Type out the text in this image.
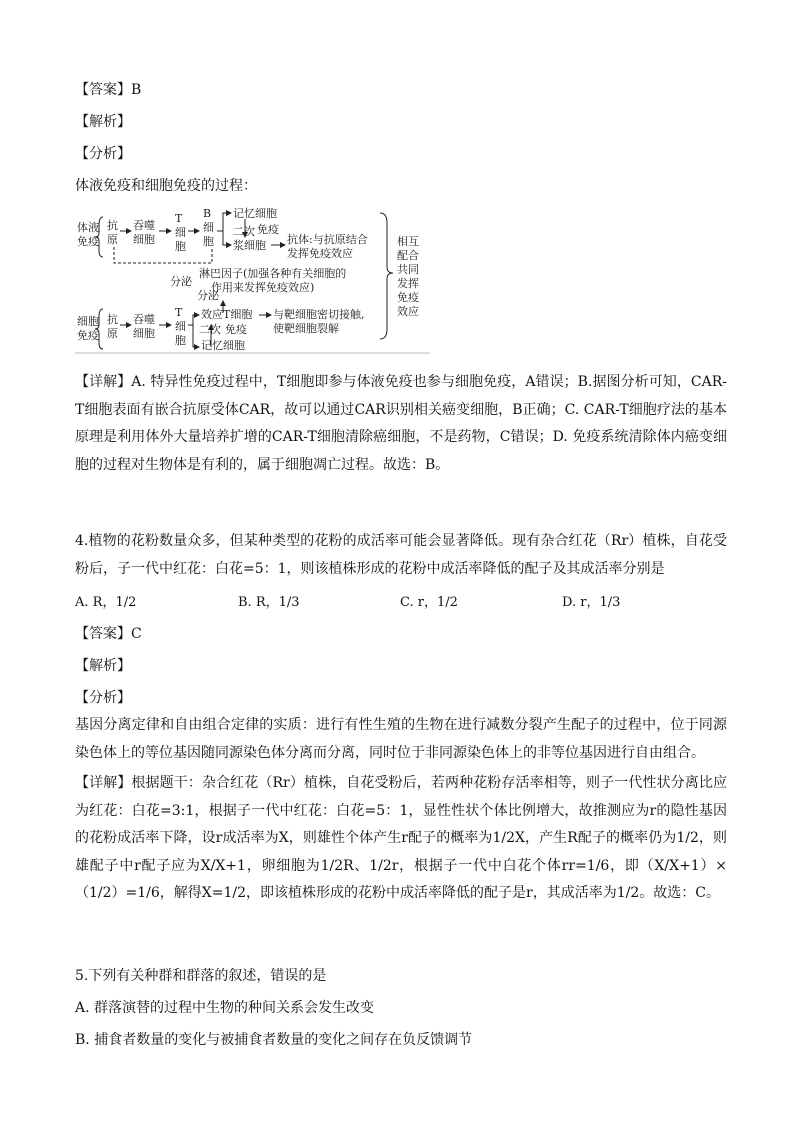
【答案】B
【解析】
【分析】
体液免疫和细胞免疫的过程：
体液
免疫
抗
原
吞噬
细胞
T
细
胞
B
细
胞
记忆细胞
二次 免疫
浆细胞 抗体:与抗原结合
发挥免疫效应
相互
配合
共同
发挥
免疫
效应
分泌
淋巴因子(加强各种有关细胞的
作用来发挥免疫效应)
分泌
细胞
免疫
抗
原
吞噬
细胞
T
细
胞
效应T细胞 与靶细胞密切接触,
使靶细胞裂解
二次 免疫
记忆细胞
【详解】A. 特异性免疫过程中，T细胞即参与体液免疫也参与细胞免疫，A错误；B.据图分析可知，CAR-T细胞表面有嵌合抗原受体CAR，故可以通过CAR识别相关癌变细胞，B正确；C. CAR-T细胞疗法的基本原理是利用体外大量培养扩增的CAR-T细胞清除癌细胞，不是药物，C错误；D. 免疫系统清除体内癌变细胞的过程对生物体是有利的，属于细胞凋亡过程。故选：B。
4.植物的花粉数量众多，但某种类型的花粉的成活率可能会显著降低。现有杂合红花（Rr）植株，自花受粉后，子一代中红花：白花=5：1，则该植株形成的花粉中成活率降低的配子及其成活率分别是
A. R，1/2	B. R，1/3	C. r，1/2	D. r，1/3
【答案】C
【解析】
【分析】
基因分离定律和自由组合定律的实质：进行有性生殖的生物在进行减数分裂产生配子的过程中，位于同源染色体上的等位基因随同源染色体分离而分离，同时位于非同源染色体上的非等位基因进行自由组合。
【详解】根据题干：杂合红花（Rr）植株，自花受粉后，若两种花粉存活率相等，则子一代性状分离比应为红花：白花=3:1，根据子一代中红花：白花=5：1，显性性状个体比例增大，故推测应为r的隐性基因的花粉成活率下降，设r成活率为X，则雄性个体产生r配子的概率为1/2X，产生R配子的概率仍为1/2，则雄配子中r配子应为X/X+1，卵细胞为1/2R、1/2r，根据子一代中白花个体rr=1/6，即（X/X+1）×（1/2）=1/6，解得X=1/2，即该植株形成的花粉中成活率降低的配子是r，其成活率为1/2。故选：C。
5.下列有关种群和群落的叙述，错误的是
A. 群落演替的过程中生物的种间关系会发生改变
B. 捕食者数量的变化与被捕食者数量的变化之间存在负反馈调节
